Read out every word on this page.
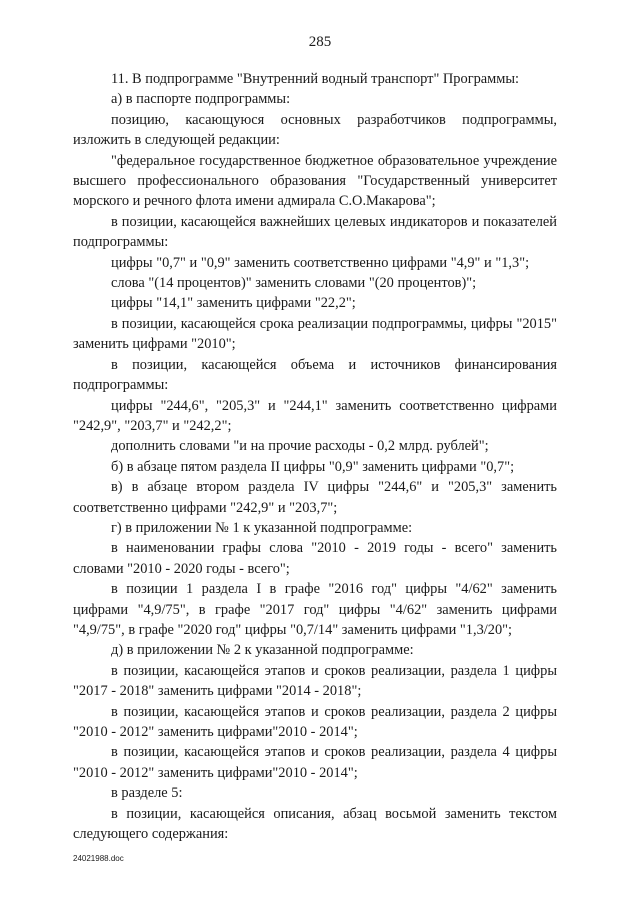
285

11. В подпрограмме "Внутренний водный транспорт" Программы:

а) в паспорте подпрограммы:

позицию, касающуюся основных разработчиков подпрограммы, изложить в следующей редакции:

"федеральное государственное бюджетное образовательное учреждение высшего профессионального образования "Государственный университет морского и речного флота имени адмирала С.О.Макарова";

в позиции, касающейся важнейших целевых индикаторов и показателей подпрограммы:

цифры "0,7" и "0,9" заменить соответственно цифрами "4,9" и "1,3";

слова "(14 процентов)" заменить словами "(20 процентов)";

цифры "14,1" заменить цифрами "22,2";

в позиции, касающейся срока реализации подпрограммы, цифры "2015" заменить цифрами "2010";

в позиции, касающейся объема и источников финансирования подпрограммы:

цифры "244,6", "205,3" и "244,1" заменить соответственно цифрами "242,9", "203,7" и "242,2";

дополнить словами "и на прочие расходы - 0,2 млрд. рублей";

б) в абзаце пятом раздела II цифры "0,9" заменить цифрами "0,7";

в) в абзаце втором раздела IV цифры "244,6" и "205,3" заменить соответственно цифрами "242,9" и "203,7";

г) в приложении № 1 к указанной подпрограмме:

в наименовании графы слова "2010 - 2019 годы - всего" заменить словами "2010 - 2020 годы - всего";

в позиции 1 раздела I в графе "2016 год" цифры "4/62" заменить цифрами "4,9/75", в графе "2017 год" цифры "4/62" заменить цифрами "4,9/75", в графе "2020 год" цифры "0,7/14" заменить цифрами "1,3/20";

д) в приложении № 2 к указанной подпрограмме:

в позиции, касающейся этапов и сроков реализации, раздела 1 цифры "2017 - 2018" заменить цифрами "2014 - 2018";

в позиции, касающейся этапов и сроков реализации, раздела 2 цифры "2010 - 2012" заменить цифрами"2010 - 2014";

в позиции, касающейся этапов и сроков реализации, раздела 4 цифры "2010 - 2012" заменить цифрами"2010 - 2014";

в разделе 5:

в позиции, касающейся описания, абзац восьмой заменить текстом следующего содержания:

24021988.doc
